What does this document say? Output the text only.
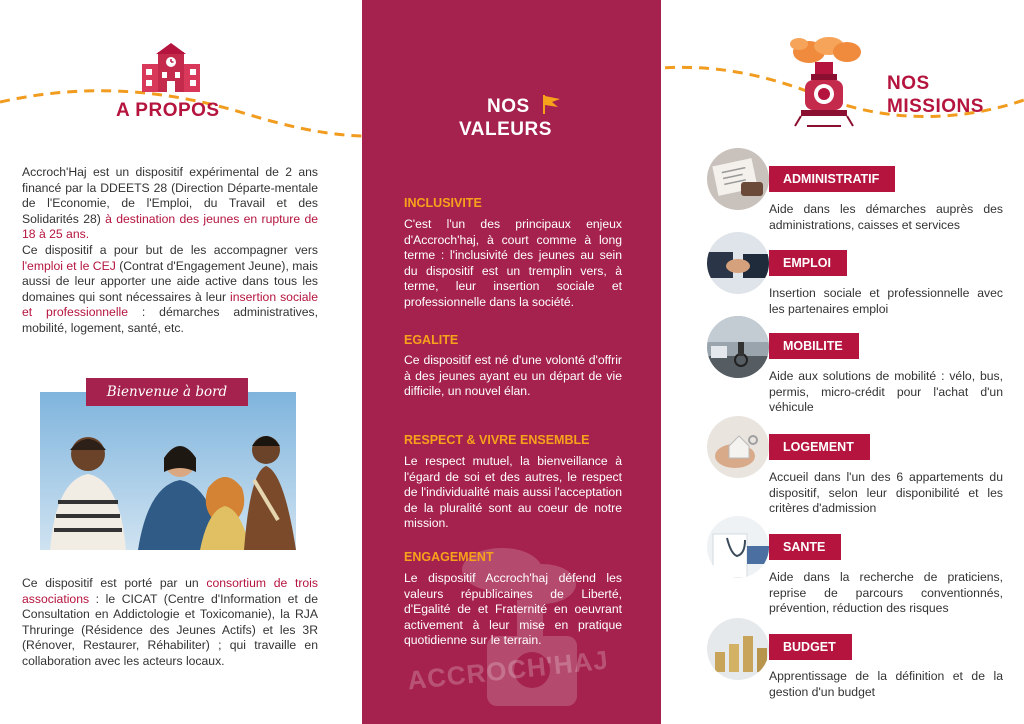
A PROPOS

Accroch'Haj est un dispositif expérimental de 2 ans financé par la DDEETS 28 (Direction Départe-mentale de l'Economie, de l'Emploi, du Travail et des Solidarités 28) à destination des jeunes en rupture de 18 à 25 ans.

Ce dispositif a pour but de les accompagner vers l'emploi et le CEJ (Contrat d'Engagement Jeune), mais aussi de leur apporter une aide active dans tous les domaines qui sont nécessaires à leur insertion sociale et professionnelle : démarches administratives, mobilité, logement, santé, etc.

Bienvenue à bord

Ce dispositif est porté par un consortium de trois associations : le CICAT (Centre d'Information et de Consultation en Addictologie et Toxicomanie), la RJA Thruringe (Résidence des Jeunes Actifs) et les 3R (Rénover, Restaurer, Réhabiliter) ; qui travaille en collaboration avec les acteurs locaux.	ACCROCH'HAJ
NOS
VALEURS
INCLUSIVITE

C'est l'un des principaux enjeux d'Accroch'haj, à court comme à long terme : l'inclusivité des jeunes au sein du dispositif est un tremplin vers, à terme, leur insertion sociale et professionnelle dans la société.

EGALITE

Ce dispositif est né d'une volonté d'offrir à des jeunes ayant eu un départ de vie difficile, un nouvel élan.

RESPECT & VIVRE ENSEMBLE

Le respect mutuel, la bienveillance à l'égard de soi et des autres, le respect de l'individualité mais aussi l'acceptation de la pluralité sont au coeur de notre mission.

ENGAGEMENT

Le dispositif Accroch'haj défend les valeurs républicaines de Liberté, d'Egalité de et Fraternité en oeuvrant activement à leur mise en pratique quotidienne sur le terrain.

NOS
MISSIONS
ADMINISTRATIF

Aide dans les démarches auprès des administrations, caisses et services

EMPLOI

Insertion sociale et professionnelle avec les partenaires emploi

MOBILITE

Aide aux solutions de mobilité : vélo, bus, permis, micro-crédit pour l'achat d'un véhicule

LOGEMENT

Accueil dans l'un des 6 appartements du dispositif, selon leur disponibilité et les critères d'admission

SANTE

Aide dans la recherche de praticiens, reprise de parcours conventionnés, prévention, réduction des risques

BUDGET

Apprentissage de la définition et de la gestion d'un budget
